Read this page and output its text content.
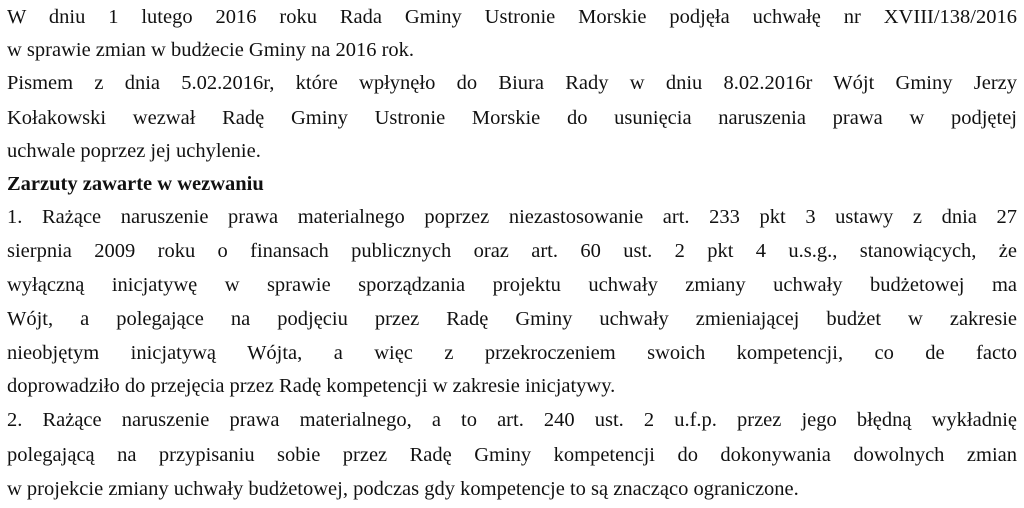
W dniu 1 lutego 2016 roku Rada Gminy Ustronie Morskie podjęła uchwałę nr XVIII/138/2016
w sprawie zmian w budżecie Gminy na 2016 rok.
Pismem z dnia 5.02.2016r, które wpłynęło do Biura Rady w dniu 8.02.2016r Wójt Gminy Jerzy
Kołakowski wezwał Radę Gminy Ustronie Morskie do usunięcia naruszenia prawa w podjętej
uchwale poprzez jej uchylenie.
Zarzuty zawarte w wezwaniu
1. Rażące naruszenie prawa materialnego poprzez niezastosowanie art. 233 pkt 3 ustawy z dnia 27
sierpnia 2009 roku o finansach publicznych oraz art. 60 ust. 2 pkt 4 u.s.g., stanowiących, że
wyłączną inicjatywę w sprawie sporządzania projektu uchwały zmiany uchwały budżetowej ma
Wójt, a polegające na podjęciu przez Radę Gminy uchwały zmieniającej budżet w zakresie
nieobjętym inicjatywą Wójta, a więc z przekroczeniem swoich kompetencji, co de facto
doprowadziło do przejęcia przez Radę kompetencji w zakresie inicjatywy.
2. Rażące naruszenie prawa materialnego, a to art. 240 ust. 2 u.f.p. przez jego błędną wykładnię
polegającą na przypisaniu sobie przez Radę Gminy kompetencji do dokonywania dowolnych zmian
w projekcie zmiany uchwały budżetowej, podczas gdy kompetencje to są znacząco ograniczone.
